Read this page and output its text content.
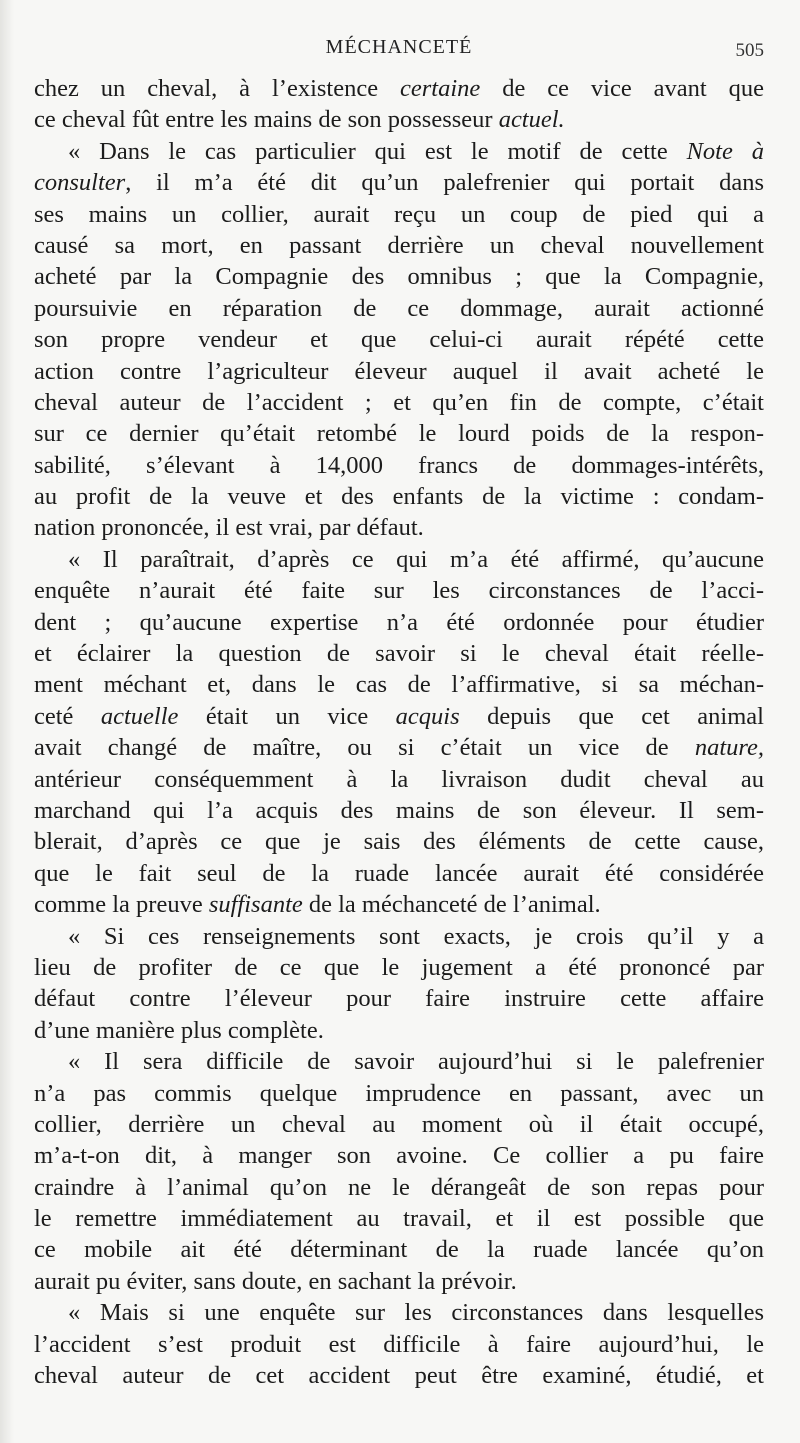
MÉCHANCETÉ	505
chez un cheval, à l’existence certaine de ce vice avant que
ce cheval fût entre les mains de son possesseur actuel.
« Dans le cas particulier qui est le motif de cette Note à
consulter, il m’a été dit qu’un palefrenier qui portait dans
ses mains un collier, aurait reçu un coup de pied qui a
causé sa mort, en passant derrière un cheval nouvellement
acheté par la Compagnie des omnibus ; que la Compagnie,
poursuivie en réparation de ce dommage, aurait actionné
son propre vendeur et que celui-ci aurait répété cette
action contre l’agriculteur éleveur auquel il avait acheté le
cheval auteur de l’accident ; et qu’en fin de compte, c’était
sur ce dernier qu’était retombé le lourd poids de la respon-
sabilité, s’élevant à 14,000 francs de dommages-intérêts,
au profit de la veuve et des enfants de la victime : condam-
nation prononcée, il est vrai, par défaut.
« Il paraîtrait, d’après ce qui m’a été affirmé, qu’aucune
enquête n’aurait été faite sur les circonstances de l’acci-
dent ; qu’aucune expertise n’a été ordonnée pour étudier
et éclairer la question de savoir si le cheval était réelle-
ment méchant et, dans le cas de l’affirmative, si sa méchan-
ceté actuelle était un vice acquis depuis que cet animal
avait changé de maître, ou si c’était un vice de nature,
antérieur conséquemment à la livraison dudit cheval au
marchand qui l’a acquis des mains de son éleveur. Il sem-
blerait, d’après ce que je sais des éléments de cette cause,
que le fait seul de la ruade lancée aurait été considérée
comme la preuve suffisante de la méchanceté de l’animal.
« Si ces renseignements sont exacts, je crois qu’il y a
lieu de profiter de ce que le jugement a été prononcé par
défaut contre l’éleveur pour faire instruire cette affaire
d’une manière plus complète.
« Il sera difficile de savoir aujourd’hui si le palefrenier
n’a pas commis quelque imprudence en passant, avec un
collier, derrière un cheval au moment où il était occupé,
m’a-t-on dit, à manger son avoine. Ce collier a pu faire
craindre à l’animal qu’on ne le dérangeât de son repas pour
le remettre immédiatement au travail, et il est possible que
ce mobile ait été déterminant de la ruade lancée qu’on
aurait pu éviter, sans doute, en sachant la prévoir.
« Mais si une enquête sur les circonstances dans lesquelles
l’accident s’est produit est difficile à faire aujourd’hui, le
cheval auteur de cet accident peut être examiné, étudié, et
